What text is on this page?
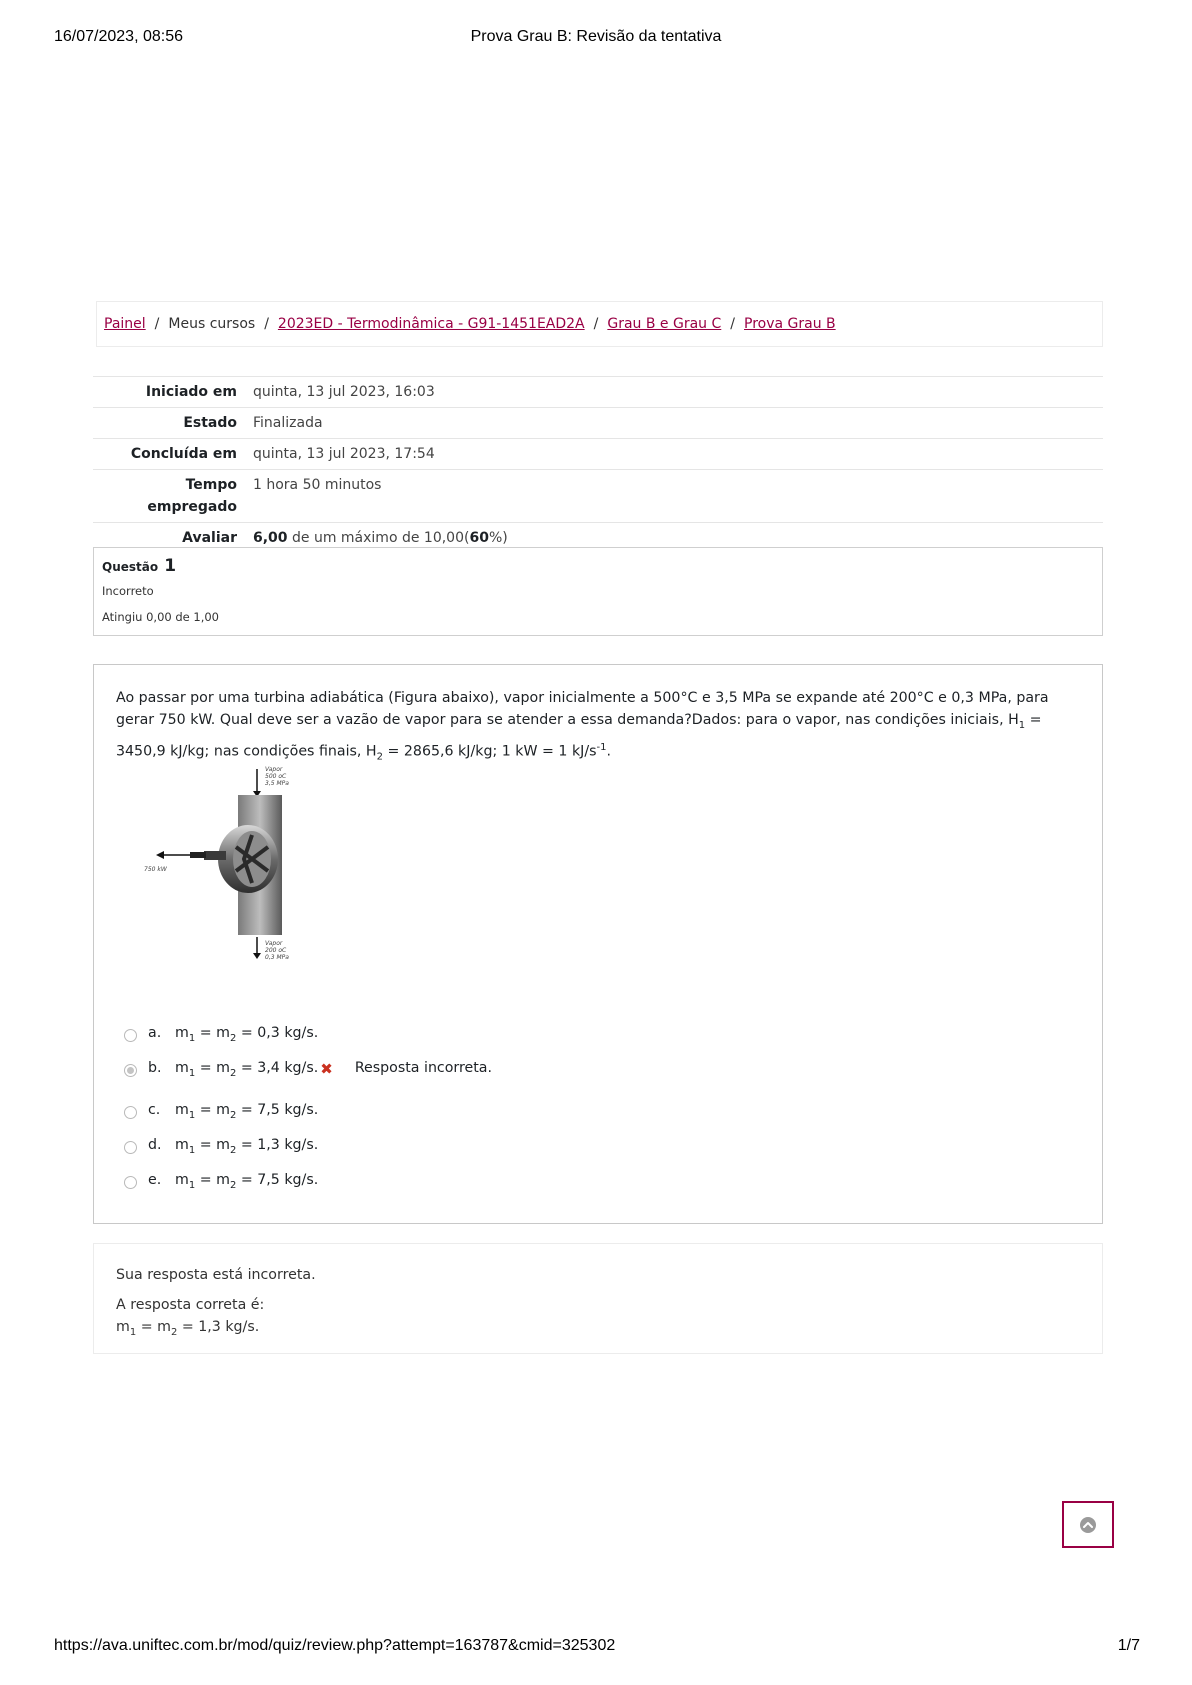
16/07/2023, 08:56	Prova Grau B: Revisão da tentativa
Painel / Meus cursos / 2023ED - Termodinâmica - G91-1451EAD2A / Grau B e Grau C / Prova Grau B
Iniciado em	quinta, 13 jul 2023, 16:03
Estado	Finalizada
Concluída em	quinta, 13 jul 2023, 17:54
Tempo
empregado	1 hora 50 minutos
Avaliar	6,00 de um máximo de 10,00(60%)
Questão 1
Incorreto
Atingiu 0,00 de 1,00
Ao passar por uma turbina adiabática (Figura abaixo), vapor inicialmente a 500°C e 3,5 MPa se expande até 200°C e 0,3 MPa, para gerar 750 kW. Qual deve ser a vazão de vapor para se atender a essa demanda?Dados: para o vapor, nas condições iniciais, $H_1 = 3450,9$ kJ/kg; nas condições finais, $H_2 = 2865,6$ kJ/kg; 1 kW = 1 $kJ/s^{-1}$.
Vapor
500 oC
3,5 MPa
750 kW
Vapor
200 oC
0,3 MPa
a. $m_1 = m_2 = 0,3$ kg/s.
b. $m_1 = m_2 = 3,4$ kg/s. ✖ Resposta incorreta.
c.	$m_1 = m_2 = 7,5$ kg/s.
d. $m_1 = m_2 = 1,3$ kg/s.
e. $m_1 = m_2 = 7,5$ kg/s.
Sua resposta está incorreta.
A resposta correta é:
$m_1 = m_2 = 1,3$ kg/s.
https://ava.uniftec.com.br/mod/quiz/review.php?attempt=163787&cmid=325302	1/7
